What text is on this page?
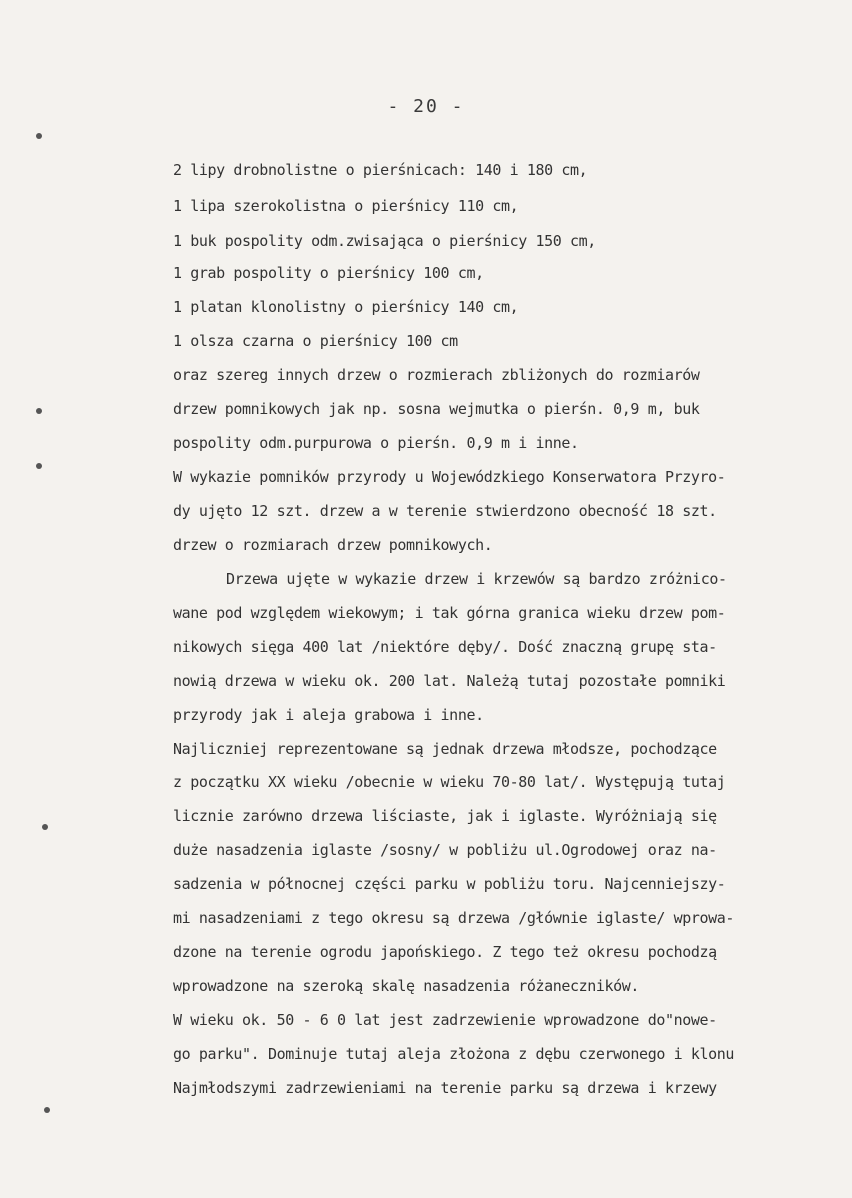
- 20 -
2 lipy drobnolistne o pierśnicach: 140 i 180 cm,
1 lipa szerokolistna o pierśnicy 110 cm,
1 buk pospolity odm.zwisająca o pierśnicy 150 cm,
1 grab pospolity o pierśnicy 100 cm,
1 platan klonolistny o pierśnicy 140 cm,
1 olsza czarna o pierśnicy 100 cm
oraz szereg innych drzew o rozmierach zbliżonych do rozmiarów
drzew pomnikowych jak np. sosna wejmutka o pierśn. 0,9 m, buk
pospolity odm.purpurowa o pierśn. 0,9 m i inne.
W wykazie pomników przyrody u Wojewódzkiego Konserwatora Przyro-
dy ujęto 12 szt. drzew a w terenie stwierdzono obecność 18 szt.
drzew o rozmiarach drzew pomnikowych.
Drzewa ujęte w wykazie drzew i krzewów są bardzo zróżnico-
wane pod względem wiekowym; i tak górna granica wieku drzew pom-
nikowych sięga 400 lat /niektóre dęby/. Dość znaczną grupę sta-
nowią drzewa w wieku ok. 200 lat. Należą tutaj pozostałe pomniki
przyrody jak i aleja grabowa i inne.
Najliczniej reprezentowane są jednak drzewa młodsze, pochodzące
z początku XX wieku /obecnie w wieku 70-80 lat/. Występują tutaj
licznie zarówno drzewa liściaste, jak i iglaste. Wyróżniają się
duże nasadzenia iglaste /sosny/ w pobliżu ul.Ogrodowej oraz na-
sadzenia w północnej części parku w pobliżu toru. Najcenniejszy-
mi nasadzeniami z tego okresu są drzewa /głównie iglaste/ wprowa-
dzone na terenie ogrodu japońskiego. Z tego też okresu pochodzą
wprowadzone na szeroką skalę nasadzenia różaneczników.
W wieku ok. 50 - 6 0 lat jest zadrzewienie wprowadzone do"nowe-
go parku". Dominuje tutaj aleja złożona z dębu czerwonego i klonu
Najmłodszymi zadrzewieniami na terenie parku są drzewa i krzewy
